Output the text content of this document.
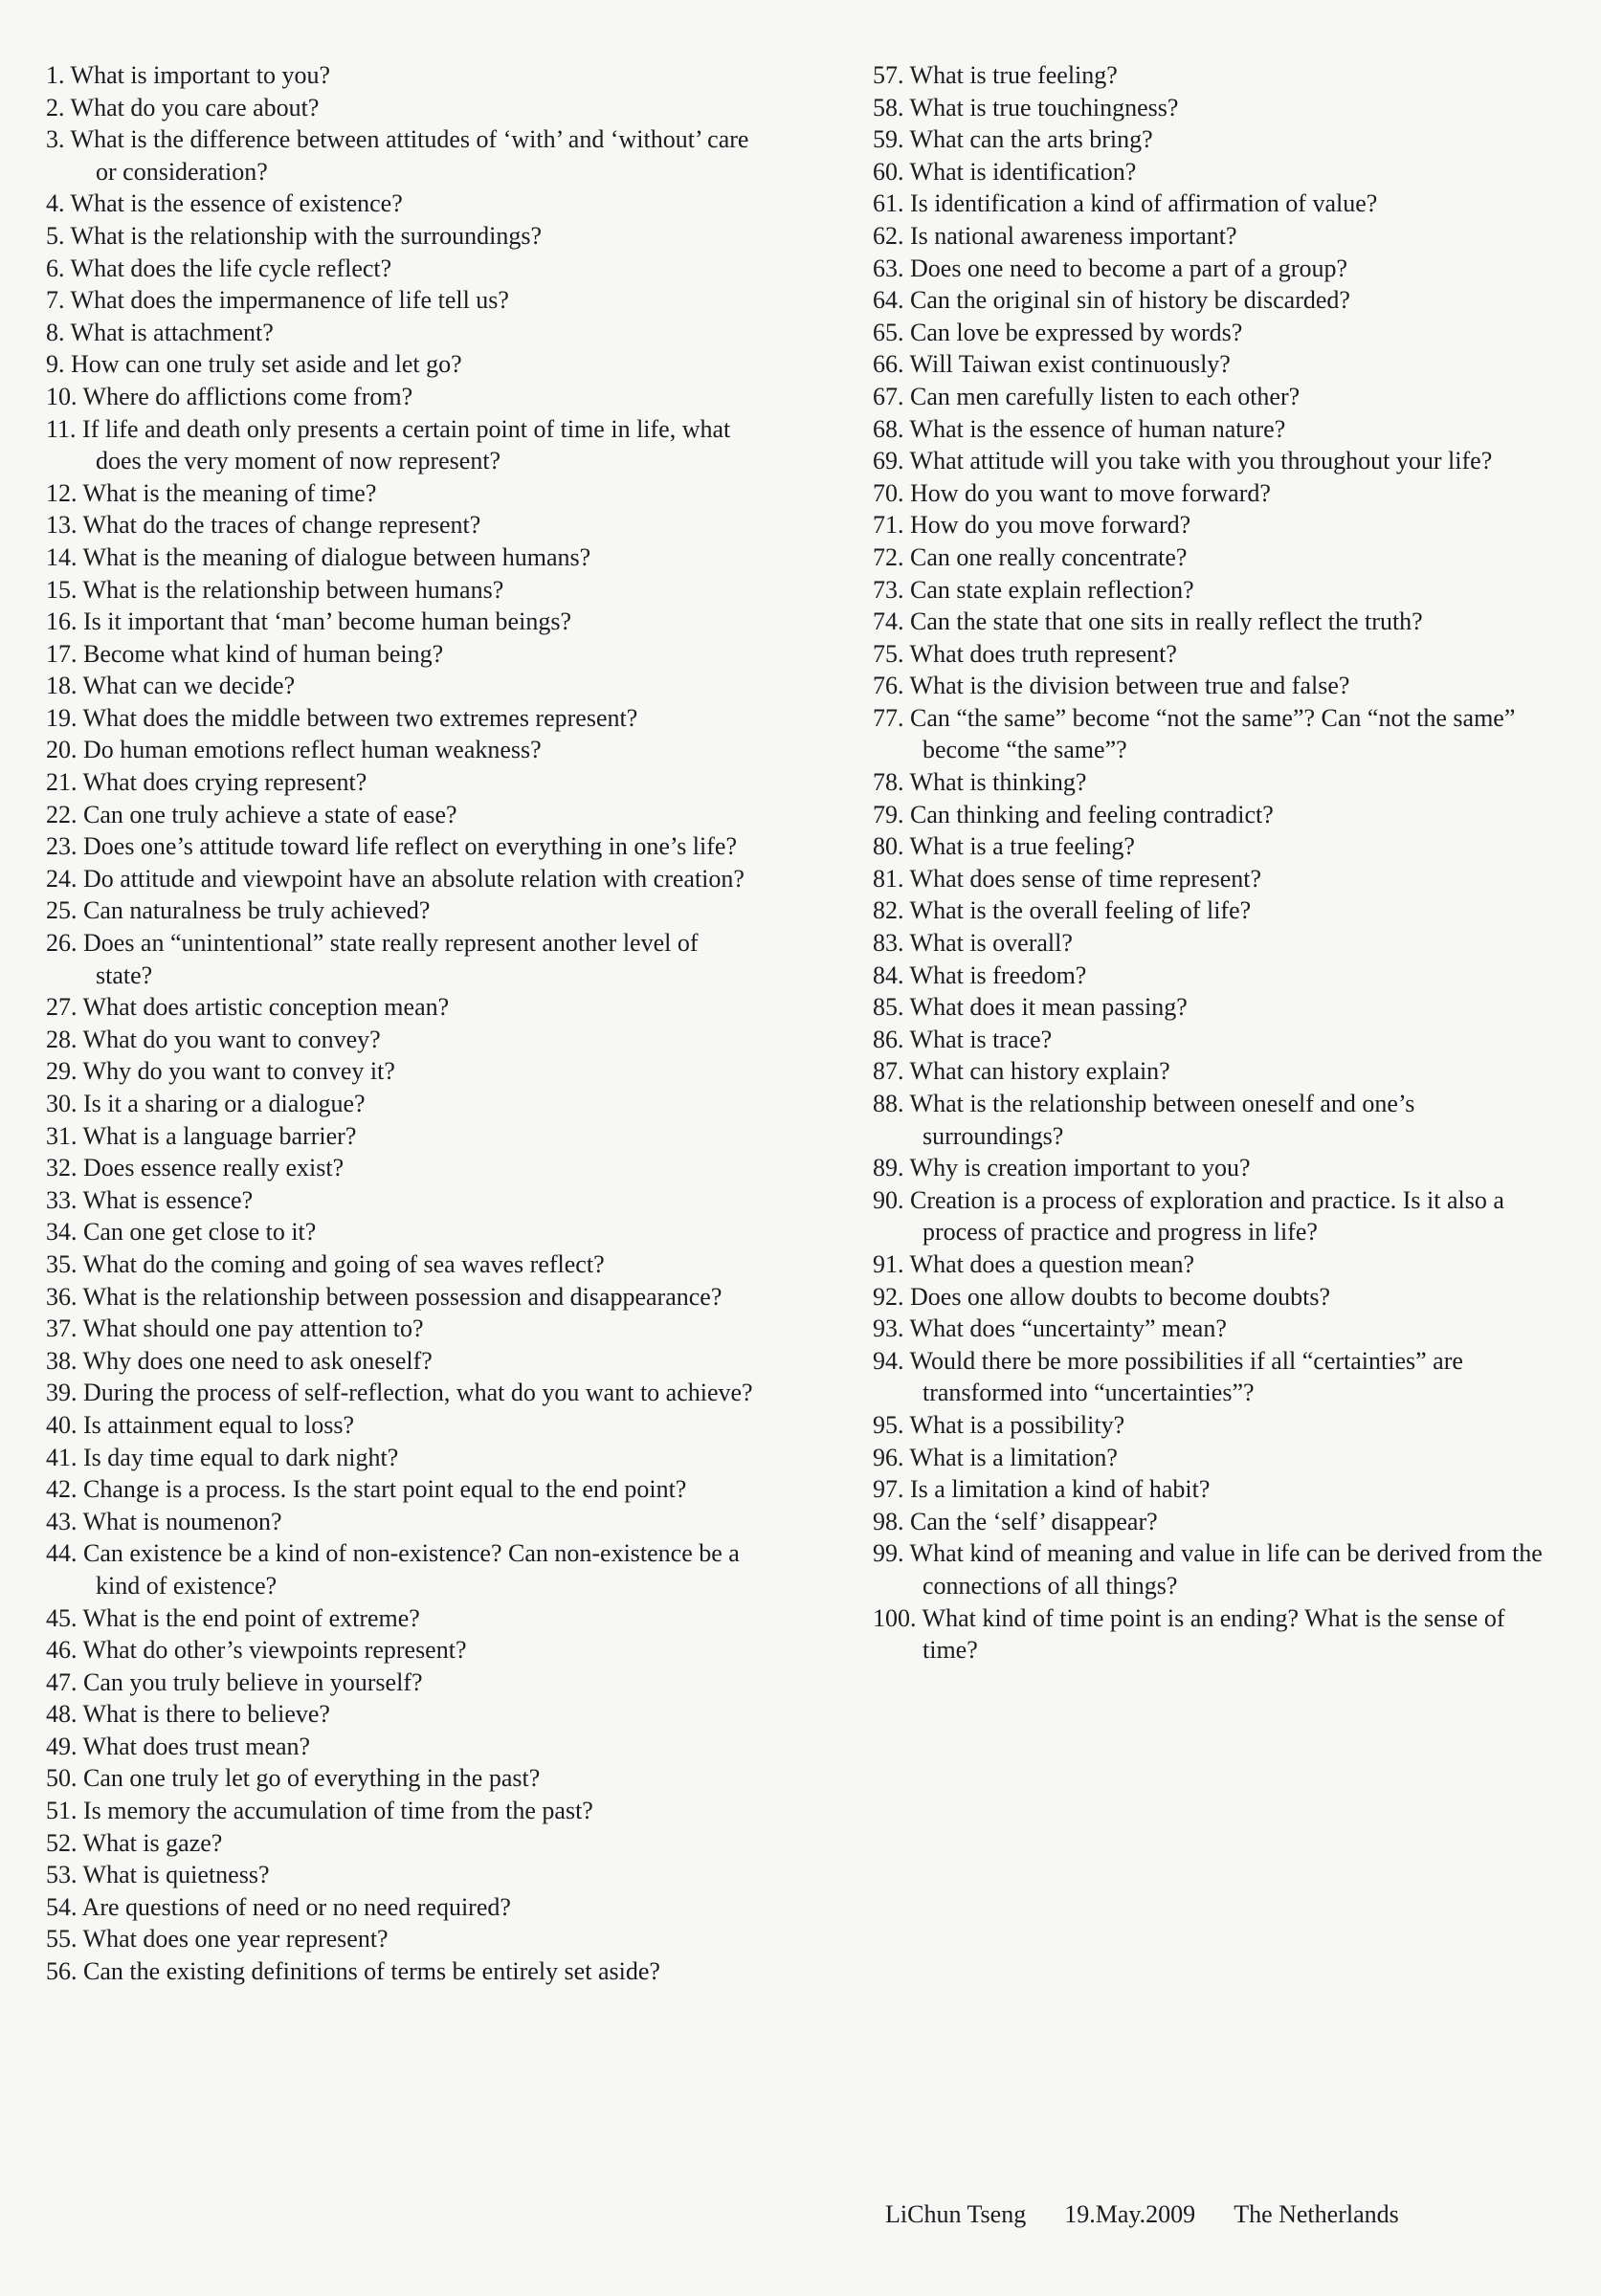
1. What is important to you?

2. What do you care about?

3. What is the difference between attitudes of ‘with’ and ‘without’ care or consideration?

4. What is the essence of existence?

5. What is the relationship with the surroundings?

6. What does the life cycle reflect?

7. What does the impermanence of life tell us?

8. What is attachment?

9. How can one truly set aside and let go?

10. Where do afflictions come from?

11. If life and death only presents a certain point of time in life, what does the very moment of now represent?

12. What is the meaning of time?

13. What do the traces of change represent?

14. What is the meaning of dialogue between humans?

15. What is the relationship between humans?

16. Is it important that ‘man’ become human beings?

17. Become what kind of human being?

18. What can we decide?

19. What does the middle between two extremes represent?

20. Do human emotions reflect human weakness?

21. What does crying represent?

22. Can one truly achieve a state of ease?

23. Does one’s attitude toward life reflect on everything in one’s life?

24. Do attitude and viewpoint have an absolute relation with creation?

25. Can naturalness be truly achieved?

26. Does an “unintentional” state really represent another level of state?

27. What does artistic conception mean?

28. What do you want to convey?

29. Why do you want to convey it?

30. Is it a sharing or a dialogue?

31. What is a language barrier?

32. Does essence really exist?

33. What is essence?

34. Can one get close to it?

35. What do the coming and going of sea waves reflect?

36. What is the relationship between possession and disappearance?

37. What should one pay attention to?

38. Why does one need to ask oneself?

39. During the process of self-reflection, what do you want to achieve?

40. Is attainment equal to loss?

41. Is day time equal to dark night?

42. Change is a process. Is the start point equal to the end point?

43. What is noumenon?

44. Can existence be a kind of non-existence? Can non-existence be a kind of existence?

45. What is the end point of extreme?

46. What do other’s viewpoints represent?

47. Can you truly believe in yourself?

48. What is there to believe?

49. What does trust mean?

50. Can one truly let go of everything in the past?

51. Is memory the accumulation of time from the past?

52. What is gaze?

53. What is quietness?

54. Are questions of need or no need required?

55. What does one year represent?

56. Can the existing definitions of terms be entirely set aside?

57. What is true feeling?

58. What is true touchingness?

59. What can the arts bring?

60. What is identification?

61. Is identification a kind of affirmation of value?

62. Is national awareness important?

63. Does one need to become a part of a group?

64. Can the original sin of history be discarded?

65. Can love be expressed by words?

66. Will Taiwan exist continuously?

67. Can men carefully listen to each other?

68. What is the essence of human nature?

69. What attitude will you take with you throughout your life?

70. How do you want to move forward?

71. How do you move forward?

72. Can one really concentrate?

73. Can state explain reflection?

74. Can the state that one sits in really reflect the truth?

75. What does truth represent?

76. What is the division between true and false?

77. Can “the same” become “not the same”? Can “not the same” become “the same”?

78. What is thinking?

79. Can thinking and feeling contradict?

80. What is a true feeling?

81. What does sense of time represent?

82. What is the overall feeling of life?

83. What is overall?

84. What is freedom?

85. What does it mean passing?

86. What is trace?

87. What can history explain?

88. What is the relationship between oneself and one’s surroundings?

89. Why is creation important to you?

90. Creation is a process of exploration and practice. Is it also a process of practice and progress in life?

91. What does a question mean?

92. Does one allow doubts to become doubts?

93. What does “uncertainty” mean?

94. Would there be more possibilities if all “certainties” are transformed into “uncertainties”?

95. What is a possibility?

96. What is a limitation?

97. Is a limitation a kind of habit?

98. Can the ‘self’ disappear?

99. What kind of meaning and value in life can be derived from the connections of all things?

100. What kind of time point is an ending? What is the sense of time?

LiChun Tseng 19.May.2009 The Netherlands
